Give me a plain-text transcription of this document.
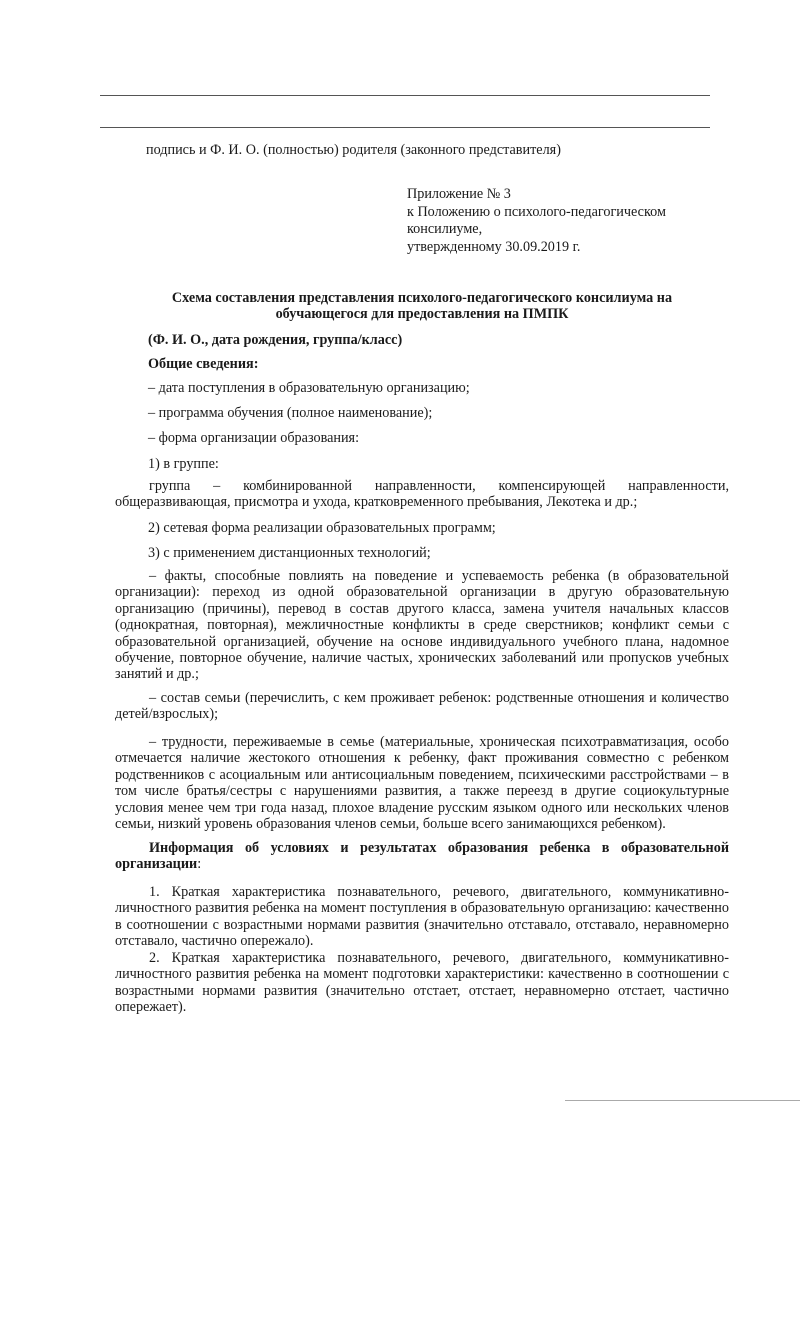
подпись и Ф. И. О. (полностью) родителя (законного представителя)
Приложение № 3
к Положению о психолого-педагогическом
консилиуме,
утвержденному 30.09.2019 г.
Схема составления представления психолого-педагогического консилиума на
обучающегося для предоставления на ПМПК
(Ф. И. О., дата рождения, группа/класс)
Общие сведения:
– дата поступления в образовательную организацию;
– программа обучения (полное наименование);
– форма организации образования:
1) в группе:
группа – комбинированной направленности, компенсирующей направленности, общеразвивающая, присмотра и ухода, кратковременного пребывания, Лекотека и др.;
2) сетевая форма реализации образовательных программ;
3) с применением дистанционных технологий;
– факты, способные повлиять на поведение и успеваемость ребенка (в образовательной организации): переход из одной образовательной организации в другую образовательную организацию (причины), перевод в состав другого класса, замена учителя начальных классов (однократная, повторная), межличностные конфликты в среде сверстников; конфликт семьи с образовательной организацией, обучение на основе индивидуального учебного плана, надомное обучение, повторное обучение, наличие частых, хронических заболеваний или пропусков учебных занятий и др.;
– состав семьи (перечислить, с кем проживает ребенок: родственные отношения и количество детей/взрослых);
– трудности, переживаемые в семье (материальные, хроническая психотравматизация, особо отмечается наличие жестокого отношения к ребенку, факт проживания совместно с ребенком родственников с асоциальным или антисоциальным поведением, психическими расстройствами – в том числе братья/сестры с нарушениями развития, а также переезд в другие социокультурные условия менее чем три года назад, плохое владение русским языком одного или нескольких членов семьи, низкий уровень образования членов семьи, больше всего занимающихся ребенком).
Информация об условиях и результатах образования ребенка в образовательной организации:
1. Краткая характеристика познавательного, речевого, двигательного, коммуникативно-личностного развития ребенка на момент поступления в образовательную организацию: качественно в соотношении с возрастными нормами развития (значительно отставало, отставало, неравномерно отставало, частично опережало).
2. Краткая характеристика познавательного, речевого, двигательного, коммуникативно-личностного развития ребенка на момент подготовки характеристики: качественно в соотношении с возрастными нормами развития (значительно отстает, отстает, неравномерно отстает, частично опережает).
